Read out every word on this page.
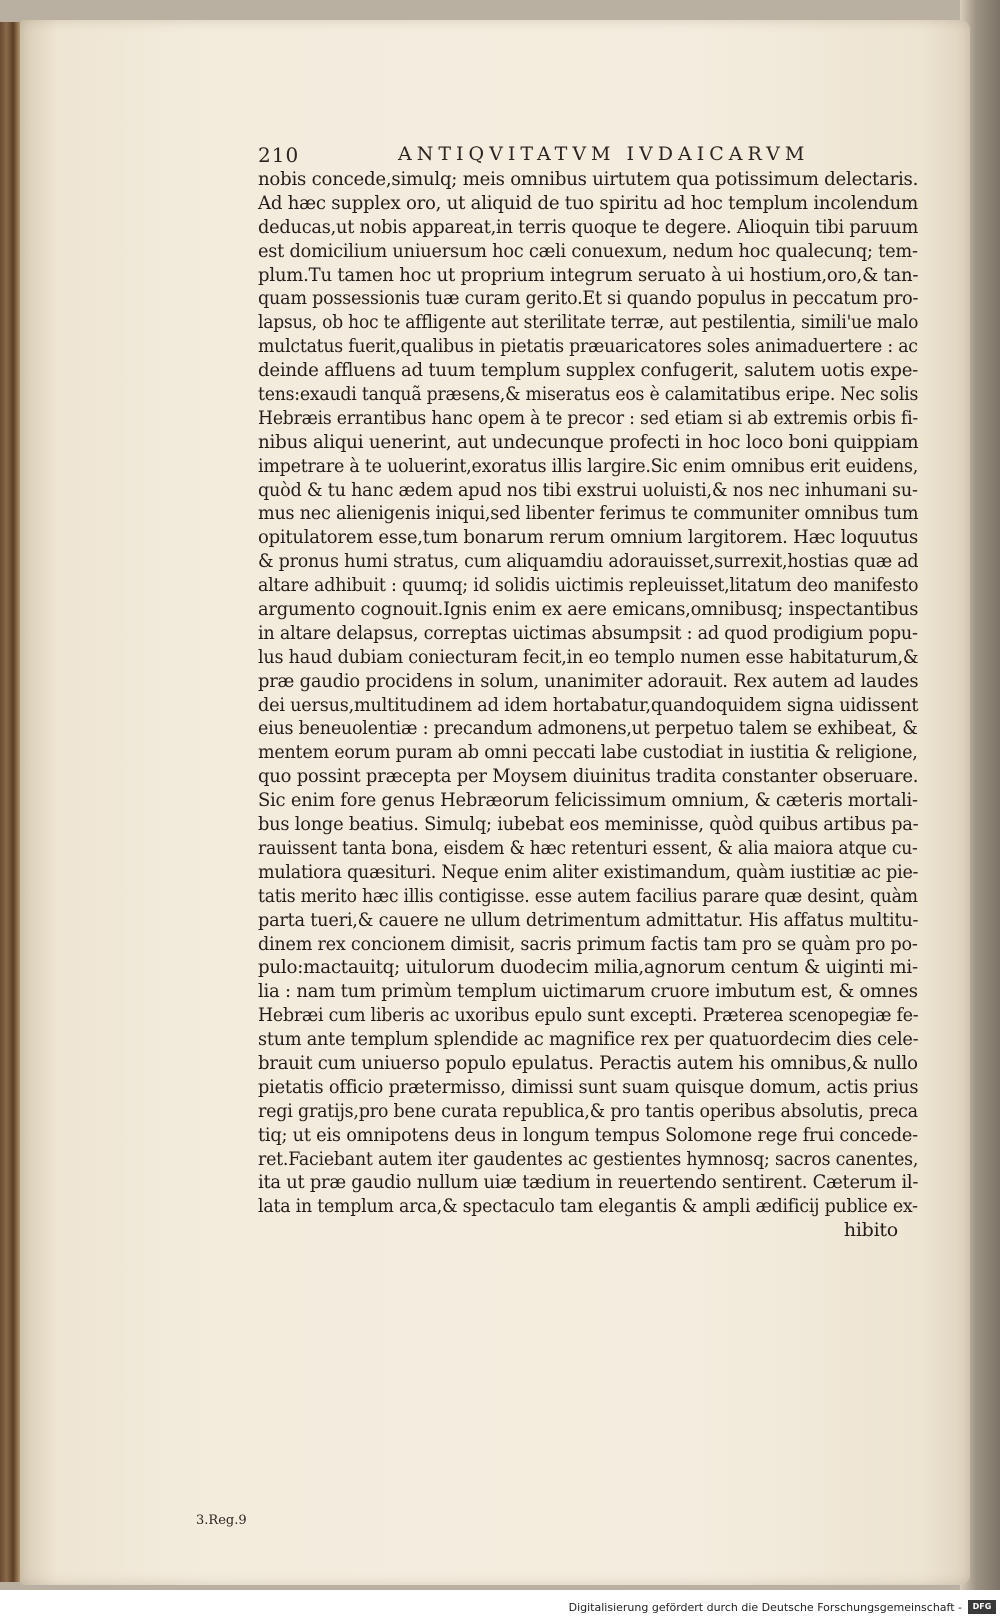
210	ANTIQVITATVM IVDAICARVM
nobis concede,simulq; meis omnibus uirtutem qua potissimum delectaris.
Ad hæc supplex oro, ut aliquid de tuo spiritu ad hoc templum incolendum
deducas,ut nobis appareat,in terris quoque te degere. Alioquin tibi paruum
est domicilium uniuersum hoc cæli conuexum, nedum hoc qualecunq; tem-
plum.Tu tamen hoc ut proprium integrum seruato à ui hostium,oro,& tan-
quam possessionis tuæ curam gerito.Et si quando populus in peccatum pro-
lapsus, ob hoc te affligente aut sterilitate terræ, aut pestilentia, simili'ue malo
mulctatus fuerit,qualibus in pietatis præuaricatores soles animaduertere : ac
deinde affluens ad tuum templum supplex confugerit, salutem uotis expe-
tens:exaudi tanquã præsens,& miseratus eos è calamitatibus eripe. Nec solis
Hebræis errantibus hanc opem à te precor : sed etiam si ab extremis orbis fi-
nibus aliqui uenerint, aut undecunque profecti in hoc loco boni quippiam
impetrare à te uoluerint,exoratus illis largire.Sic enim omnibus erit euidens,
quòd & tu hanc ædem apud nos tibi exstrui uoluisti,& nos nec inhumani su-
mus nec alienigenis iniqui,sed libenter ferimus te communiter omnibus tum
opitulatorem esse,tum bonarum rerum omnium largitorem. Hæc loquutus
& pronus humi stratus, cum aliquamdiu adorauisset,surrexit,hostias quæ ad
altare adhibuit : quumq; id solidis uictimis repleuisset,litatum deo manifesto
argumento cognouit.Ignis enim ex aere emicans,omnibusq; inspectantibus
in altare delapsus, correptas uictimas absumpsit : ad quod prodigium popu-
lus haud dubiam coniecturam fecit,in eo templo numen esse habitaturum,&
præ gaudio procidens in solum, unanimiter adorauit. Rex autem ad laudes
dei uersus,multitudinem ad idem hortabatur,quandoquidem signa uidissent
eius beneuolentiæ : precandum admonens,ut perpetuo talem se exhibeat, &
mentem eorum puram ab omni peccati labe custodiat in iustitia & religione,
quo possint præcepta per Moysem diuinitus tradita constanter obseruare.
Sic enim fore genus Hebræorum felicissimum omnium, & cæteris mortali-
bus longe beatius. Simulq; iubebat eos meminisse, quòd quibus artibus pa-
rauissent tanta bona, eisdem & hæc retenturi essent, & alia maiora atque cu-
mulatiora quæsituri. Neque enim aliter existimandum, quàm iustitiæ ac pie-
tatis merito hæc illis contigisse. esse autem facilius parare quæ desint, quàm
parta tueri,& cauere ne ullum detrimentum admittatur. His affatus multitu-
dinem rex concionem dimisit, sacris primum factis tam pro se quàm pro po-
pulo:mactauitq; uitulorum duodecim milia,agnorum centum & uiginti mi-
lia : nam tum primùm templum uictimarum cruore imbutum est, & omnes
Hebræi cum liberis ac uxoribus epulo sunt excepti. Præterea scenopegiæ fe-
stum ante templum splendide ac magnifice rex per quatuordecim dies cele-
brauit cum uniuerso populo epulatus. Peractis autem his omnibus,& nullo
pietatis officio prætermisso, dimissi sunt suam quisque domum, actis prius
regi gratijs,pro bene curata republica,& pro tantis operibus absolutis, preca
tiq; ut eis omnipotens deus in longum tempus Solomone rege frui concede-
ret.Faciebant autem iter gaudentes ac gestientes hymnosq; sacros canentes,
ita ut præ gaudio nullum uiæ tædium in reuertendo sentirent. Cæterum il-
lata in templum arca,& spectaculo tam elegantis & ampli ædificij publice ex-
hibito
3.Reg.9
Digitalisierung gefördert durch die Deutsche Forschungsgemeinschaft -	DFG
